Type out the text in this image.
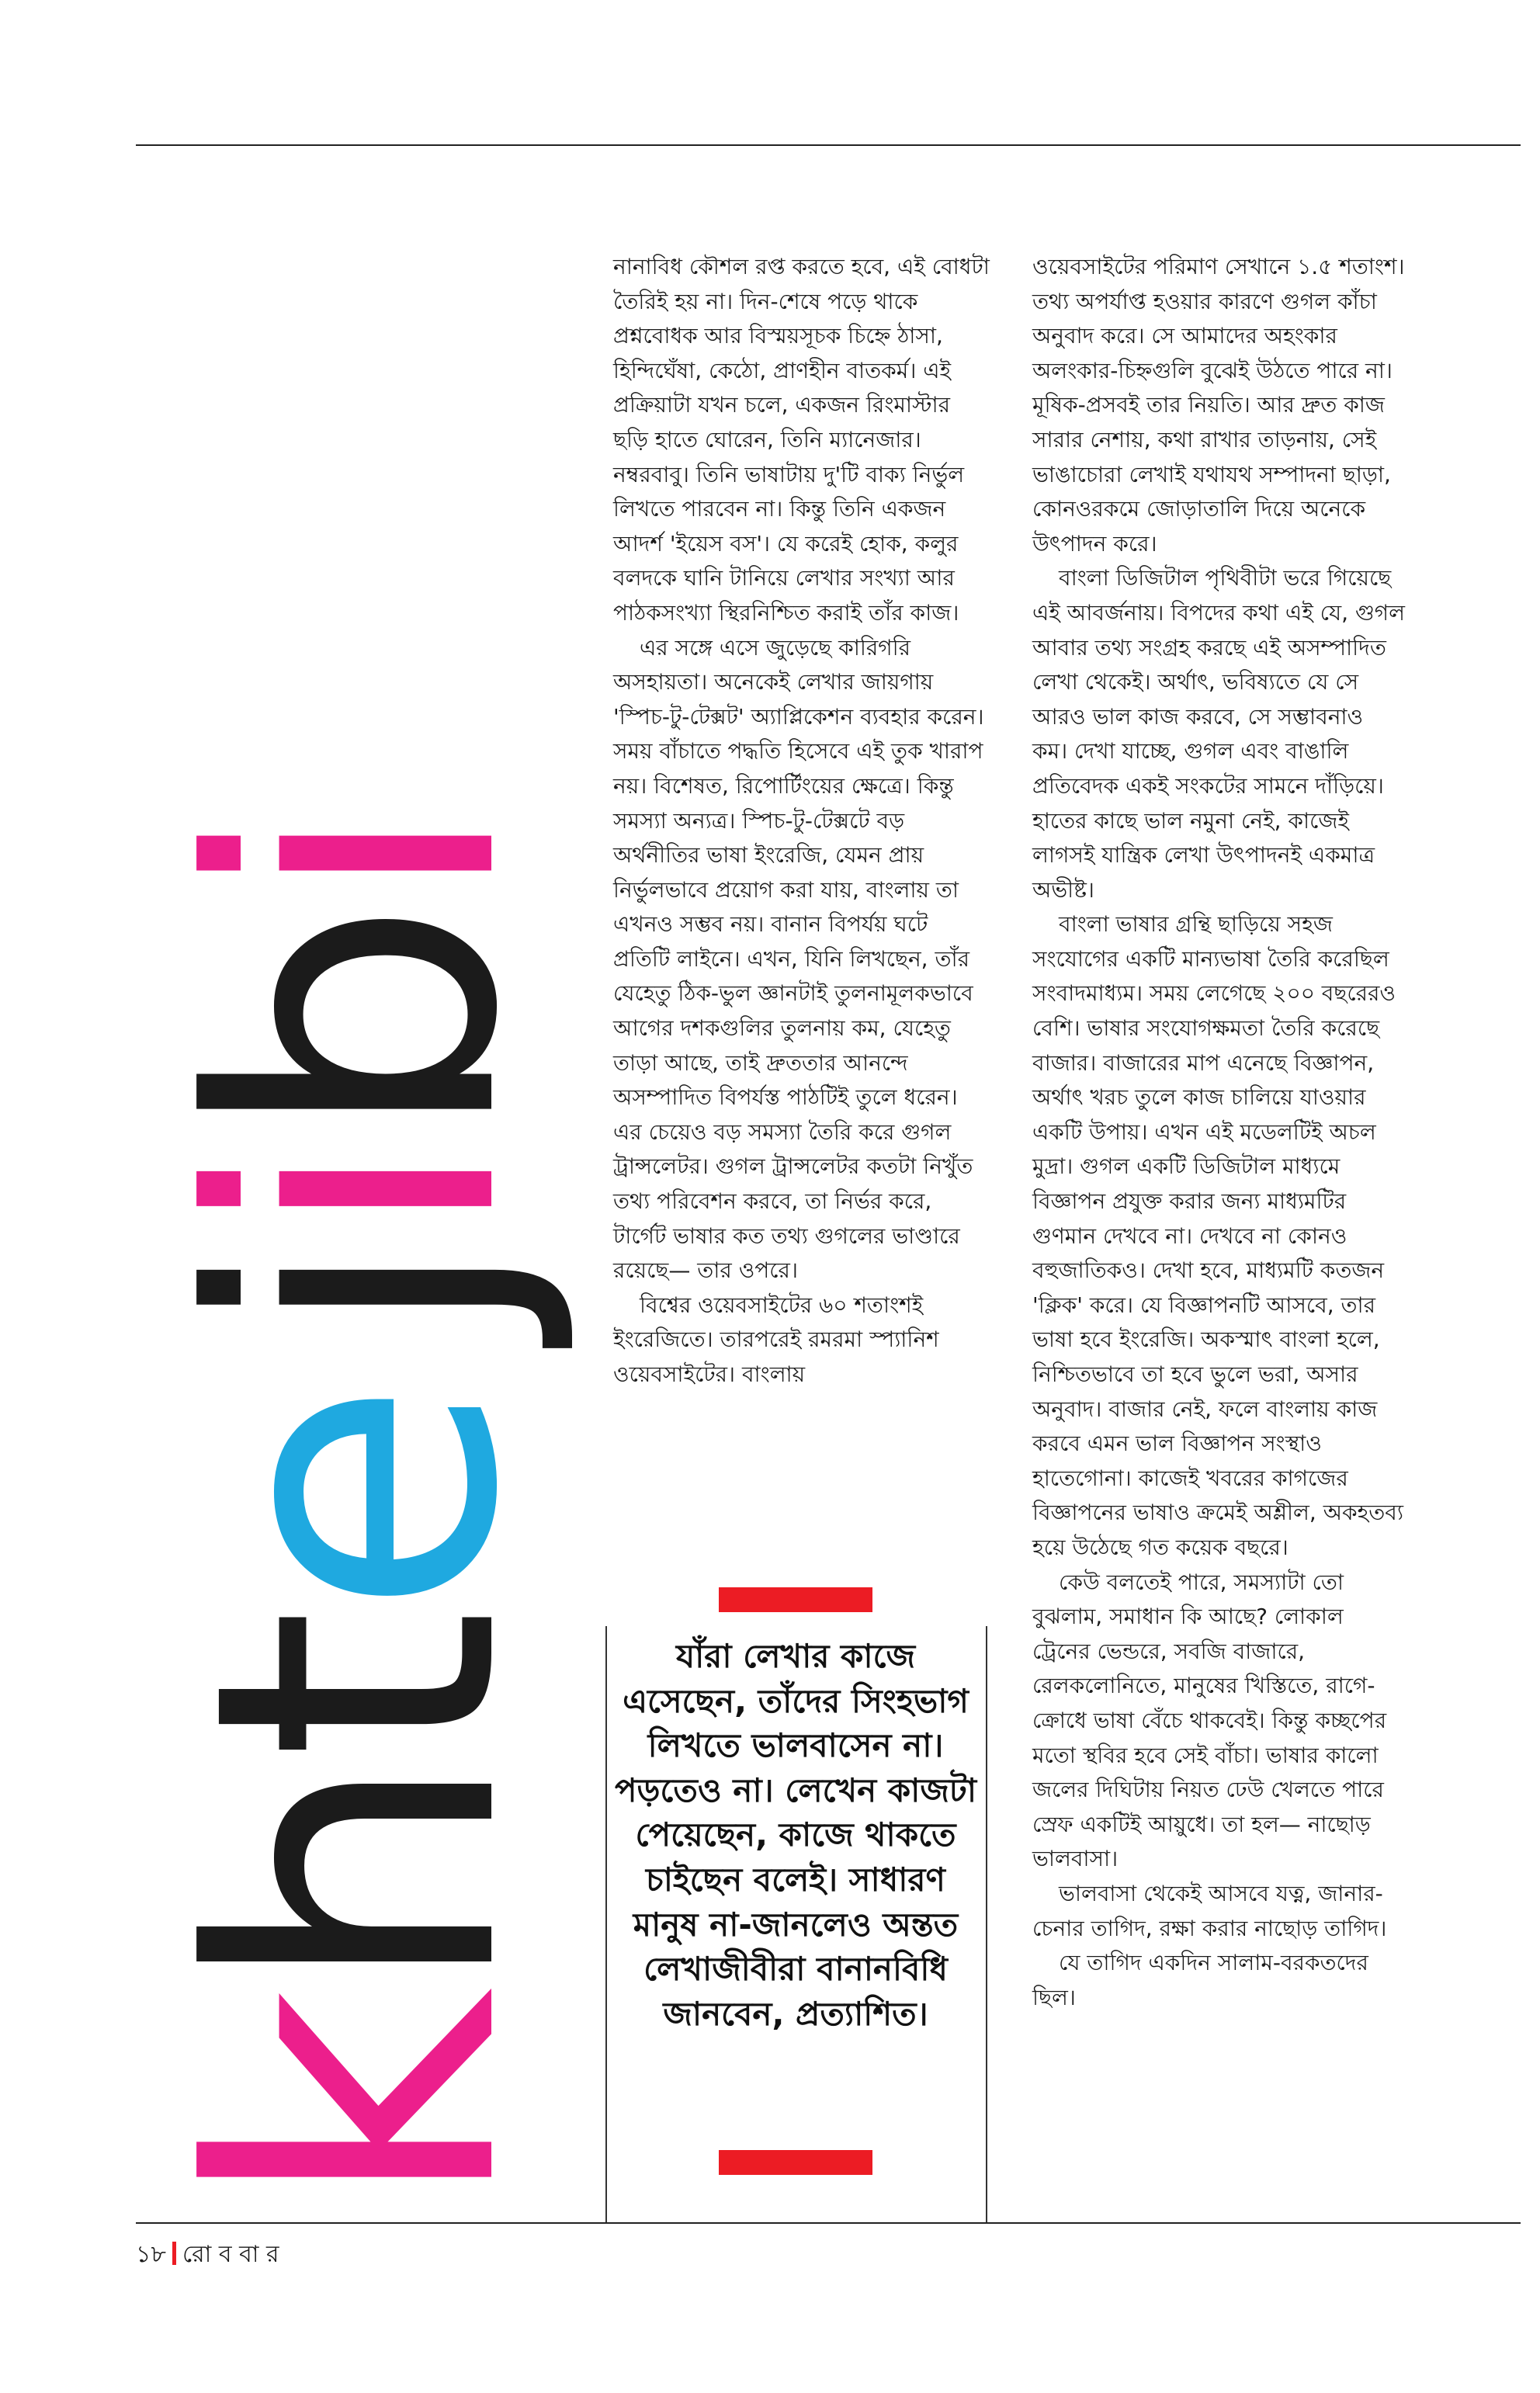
khte jibi

নানাবিধ কৌশল রপ্ত করতে হবে, এই বোধটা তৈরিই হয় না। দিন-শেষে পড়ে থাকে প্রশ্নবোধক আর বিস্ময়সূচক চিহ্নে ঠাসা, হিন্দিঘেঁষা, কেঠো, প্রাণহীন বাতকর্ম। এই প্রক্রিয়াটা যখন চলে, একজন রিংমাস্টার ছড়ি হাতে ঘোরেন, তিনি ম্যানেজার। নম্বরবাবু। তিনি ভাষাটায় দু'টি বাক্য নির্ভুল লিখতে পারবেন না। কিন্তু তিনি একজন আদর্শ 'ইয়েস বস'। যে করেই হোক, কলুর বলদকে ঘানি টানিয়ে লেখার সংখ্যা আর পাঠকসংখ্যা স্থিরনিশ্চিত করাই তাঁর কাজ।

এর সঙ্গে এসে জুড়েছে কারিগরি অসহায়তা। অনেকেই লেখার জায়গায় 'স্পিচ-টু-টেক্সট' অ্যাপ্লিকেশন ব্যবহার করেন। সময় বাঁচাতে পদ্ধতি হিসেবে এই তুক খারাপ নয়। বিশেষত, রিপোর্টিংয়ের ক্ষেত্রে। কিন্তু সমস্যা অন্যত্র। স্পিচ-টু-টেক্সটে বড় অর্থনীতির ভাষা ইংরেজি, যেমন প্রায় নির্ভুলভাবে প্রয়োগ করা যায়, বাংলায় তা এখনও সম্ভব নয়। বানান বিপর্যয় ঘটে প্রতিটি লাইনে। এখন, যিনি লিখছেন, তাঁর যেহেতু ঠিক-ভুল জ্ঞানটাই তুলনামূলকভাবে আগের দশকগুলির তুলনায় কম, যেহেতু তাড়া আছে, তাই দ্রুততার আনন্দে অসম্পাদিত বিপর্যস্ত পাঠটিই তুলে ধরেন। এর চেয়েও বড় সমস্যা তৈরি করে গুগল ট্রান্সলেটর। গুগল ট্রান্সলেটর কতটা নিখুঁত তথ্য পরিবেশন করবে, তা নির্ভর করে, টার্গেট ভাষার কত তথ্য গুগলের ভাণ্ডারে রয়েছে— তার ওপরে।

বিশ্বের ওয়েবসাইটের ৬০ শতাংশই ইংরেজিতে। তারপরেই রমরমা স্প্যানিশ ওয়েবসাইটের। বাংলায়

ওয়েবসাইটের পরিমাণ সেখানে ১.৫ শতাংশ। তথ্য অপর্যাপ্ত হওয়ার কারণে গুগল কাঁচা অনুবাদ করে। সে আমাদের অহংকার অলংকার-চিহ্নগুলি বুঝেই উঠতে পারে না। মূষিক-প্রসবই তার নিয়তি। আর দ্রুত কাজ সারার নেশায়, কথা রাখার তাড়নায়, সেই ভাঙাচোরা লেখাই যথাযথ সম্পাদনা ছাড়া, কোনওরকমে জোড়াতালি দিয়ে অনেকে উৎপাদন করে।

বাংলা ডিজিটাল পৃথিবীটা ভরে গিয়েছে এই আবর্জনায়। বিপদের কথা এই যে, গুগল আবার তথ্য সংগ্রহ করছে এই অসম্পাদিত লেখা থেকেই। অর্থাৎ, ভবিষ্যতে যে সে আরও ভাল কাজ করবে, সে সম্ভাবনাও কম। দেখা যাচ্ছে, গুগল এবং বাঙালি প্রতিবেদক একই সংকটের সামনে দাঁড়িয়ে। হাতের কাছে ভাল নমুনা নেই, কাজেই লাগসই যান্ত্রিক লেখা উৎপাদনই একমাত্র অভীষ্ট।

বাংলা ভাষার গ্রন্থি ছাড়িয়ে সহজ সংযোগের একটি মান্যভাষা তৈরি করেছিল সংবাদমাধ্যম। সময় লেগেছে ২০০ বছরেরও বেশি। ভাষার সংযোগক্ষমতা তৈরি করেছে বাজার। বাজারের মাপ এনেছে বিজ্ঞাপন, অর্থাৎ খরচ তুলে কাজ চালিয়ে যাওয়ার একটি উপায়। এখন এই মডেলটিই অচল মুদ্রা। গুগল একটি ডিজিটাল মাধ্যমে বিজ্ঞাপন প্রযুক্ত করার জন্য মাধ্যমটির গুণমান দেখবে না। দেখবে না কোনও বহুজাতিকও। দেখা হবে, মাধ্যমটি কতজন 'ক্লিক' করে। যে বিজ্ঞাপনটি আসবে, তার ভাষা হবে ইংরেজি। অকস্মাৎ বাংলা হলে, নিশ্চিতভাবে তা হবে ভুলে ভরা, অসার অনুবাদ। বাজার নেই, ফলে বাংলায় কাজ করবে এমন ভাল বিজ্ঞাপন সংস্থাও হাতেগোনা। কাজেই খবরের কাগজের বিজ্ঞাপনের ভাষাও ক্রমেই অশ্লীল, অকহতব্য হয়ে উঠেছে গত কয়েক বছরে।

কেউ বলতেই পারে, সমস্যাটা তো বুঝলাম, সমাধান কি আছে? লোকাল ট্রেনের ভেন্ডরে, সবজি বাজারে, রেলকলোনিতে, মানুষের খিস্তিতে, রাগে-ক্রোধে ভাষা বেঁচে থাকবেই। কিন্তু কচ্ছপের মতো স্থবির হবে সেই বাঁচা। ভাষার কালো জলের দিঘিটায় নিয়ত ঢেউ খেলতে পারে স্রেফ একটিই আয়ুধে। তা হল— নাছোড় ভালবাসা।

ভালবাসা থেকেই আসবে যত্ন, জানার-চেনার তাগিদ, রক্ষা করার নাছোড় তাগিদ।

যে তাগিদ একদিন সালাম-বরকতদের ছিল।

যাঁরা লেখার কাজে এসেছেন, তাঁদের সিংহভাগ লিখতে ভালবাসেন না। পড়তেও না। লেখেন কাজটা পেয়েছেন, কাজে থাকতে চাইছেন বলেই। সাধারণ মানুষ না-জানলেও অন্তত লেখাজীবীরা বানানবিধি জানবেন, প্রত্যাশিত।
১৮ রো ব বা র
